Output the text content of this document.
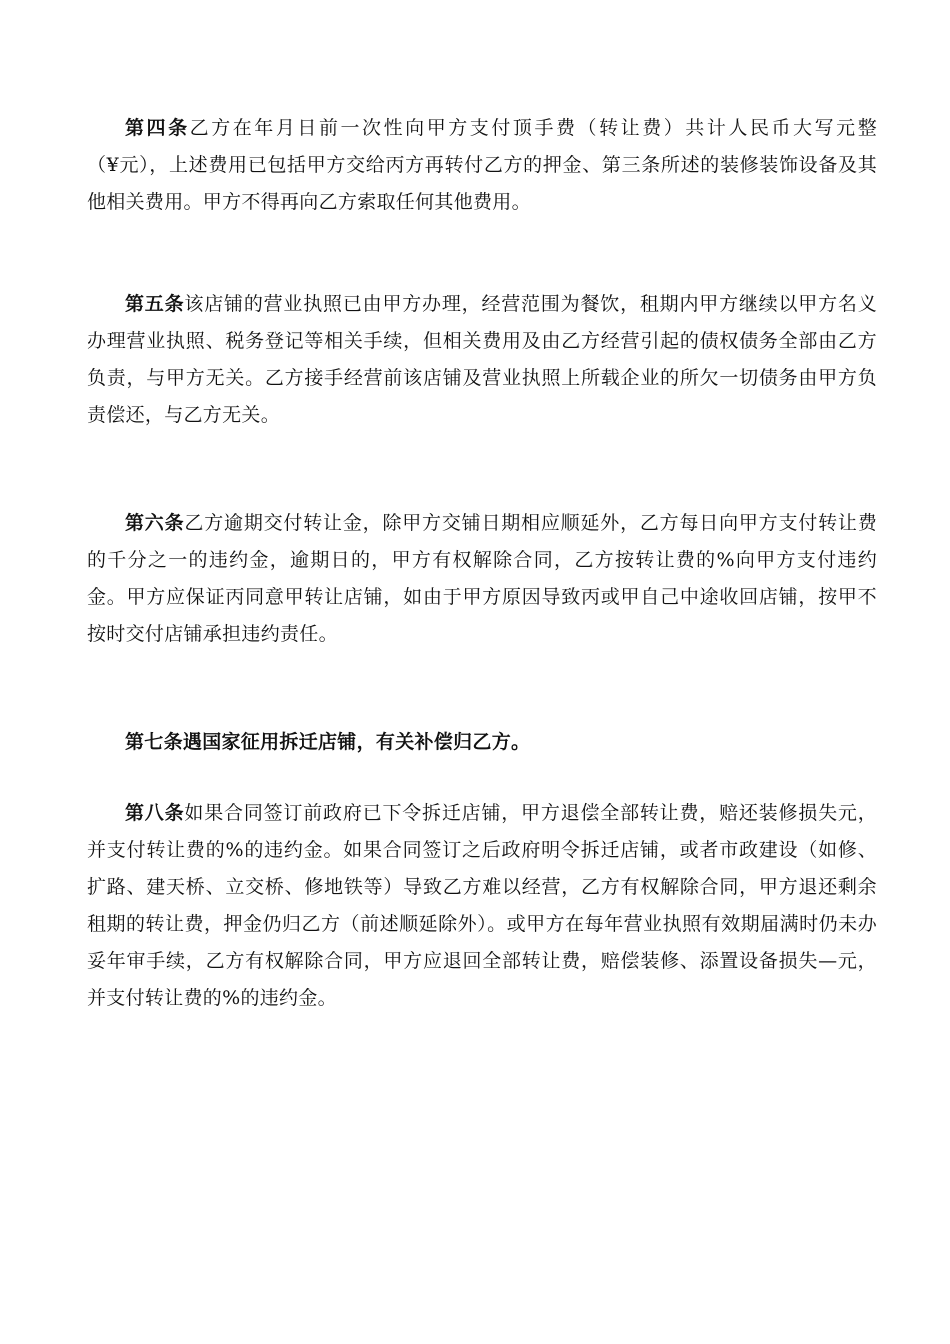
第四条乙方在年月日前一次性向甲方支付顶手费（转让费）共计人民币大写元整（¥元），上述费用已包括甲方交给丙方再转付乙方的押金、第三条所述的装修装饰设备及其他相关费用。甲方不得再向乙方索取任何其他费用。

第五条该店铺的营业执照已由甲方办理，经营范围为餐饮，租期内甲方继续以甲方名义办理营业执照、税务登记等相关手续，但相关费用及由乙方经营引起的债权债务全部由乙方负责，与甲方无关。乙方接手经营前该店铺及营业执照上所载企业的所欠一切债务由甲方负责偿还，与乙方无关。

第六条乙方逾期交付转让金，除甲方交铺日期相应顺延外，乙方每日向甲方支付转让费的千分之一的违约金，逾期日的，甲方有权解除合同，乙方按转让费的%向甲方支付违约金。甲方应保证丙同意甲转让店铺，如由于甲方原因导致丙或甲自己中途收回店铺，按甲不按时交付店铺承担违约责任。

第七条遇国家征用拆迁店铺，有关补偿归乙方。

第八条如果合同签订前政府已下令拆迁店铺，甲方退偿全部转让费，赔还装修损失元，并支付转让费的%的违约金。如果合同签订之后政府明令拆迁店铺，或者市政建设（如修、扩路、建天桥、立交桥、修地铁等）导致乙方难以经营，乙方有权解除合同，甲方退还剩余租期的转让费，押金仍归乙方（前述顺延除外）。或甲方在每年营业执照有效期届满时仍未办妥年审手续，乙方有权解除合同，甲方应退回全部转让费，赔偿装修、添置设备损失—元，并支付转让费的%的违约金。
